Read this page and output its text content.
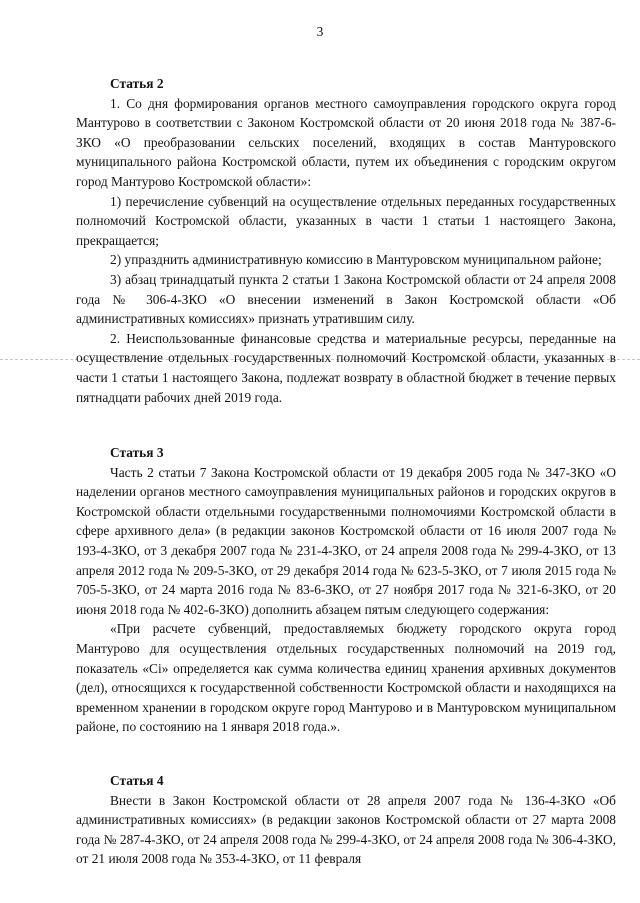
3
Статья 2

1. Со дня формирования органов местного самоуправления городского округа город Мантурово в соответствии с Законом Костромской области от 20 июня 2018 года № 387-6-ЗКО «О преобразовании сельских поселений, входящих в состав Мантуровского муниципального района Костромской области, путем их объединения с городским округом город Мантурово Костромской области»:

1) перечисление субвенций на осуществление отдельных переданных государственных полномочий Костромской области, указанных в части 1 статьи 1 настоящего Закона, прекращается;

2) упразднить административную комиссию в Мантуровском муниципальном районе;

3) абзац тринадцатый пункта 2 статьи 1 Закона Костромской области от 24 апреля 2008 года № 306-4-ЗКО «О внесении изменений в Закон Костромской области «Об административных комиссиях» признать утратившим силу.

2. Неиспользованные финансовые средства и материальные ресурсы, переданные на осуществление отдельных государственных полномочий Костромской области, указанных в части 1 статьи 1 настоящего Закона, подлежат возврату в областной бюджет в течение первых пятнадцати рабочих дней 2019 года.

Статья 3

Часть 2 статьи 7 Закона Костромской области от 19 декабря 2005 года № 347-ЗКО «О наделении органов местного самоуправления муниципальных районов и городских округов в Костромской области отдельными государственными полномочиями Костромской области в сфере архивного дела» (в редакции законов Костромской области от 16 июля 2007 года № 193-4-ЗКО, от 3 декабря 2007 года № 231-4-ЗКО, от 24 апреля 2008 года № 299-4-ЗКО, от 13 апреля 2012 года № 209-5-ЗКО, от 29 декабря 2014 года № 623-5-ЗКО, от 7 июля 2015 года № 705-5-ЗКО, от 24 марта 2016 года № 83-6-ЗКО, от 27 ноября 2017 года № 321-6-ЗКО, от 20 июня 2018 года № 402-6-ЗКО) дополнить абзацем пятым следующего содержания:

«При расчете субвенций, предоставляемых бюджету городского округа город Мантурово для осуществления отдельных государственных полномочий на 2019 год, показатель «Ci» определяется как сумма количества единиц хранения архивных документов (дел), относящихся к государственной собственности Костромской области и находящихся на временном хранении в городском округе город Мантурово и в Мантуровском муниципальном районе, по состоянию на 1 января 2018 года.».

Статья 4

Внести в Закон Костромской области от 28 апреля 2007 года № 136-4-ЗКО «Об административных комиссиях» (в редакции законов Костромской области от 27 марта 2008 года № 287-4-ЗКО, от 24 апреля 2008 года № 299-4-ЗКО, от 24 апреля 2008 года № 306-4-ЗКО, от 21 июля 2008 года № 353-4-ЗКО, от 11 февраля
